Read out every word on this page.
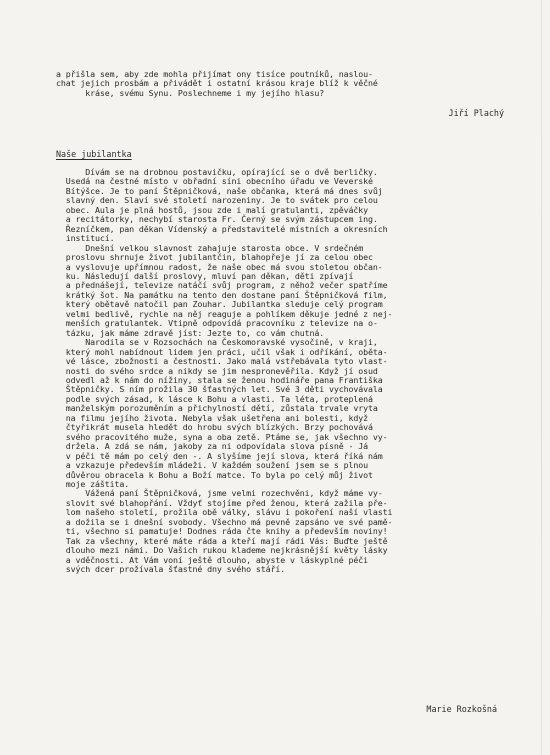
a přišla sem, aby zde mohla přijímat ony tisíce poutníků, naslou-
chat jejich prosbám a přivádět i ostatní krásou kraje blíž k věčné
kráse, svému Synu. Poslechneme i my jejího hlasu?
Jiří Plachý
Naše jubilantka
Dívám se na drobnou postavičku, opírající se o dvě berličky.
Usedá na čestné místo v obřadní síni obecního úřadu ve Veverské
Bítýšce. Je to paní Štěpničková, naše občanka, která má dnes svůj
slavný den. Slaví své století narozeniny. Je to svátek pro celou
obec. Aula je plná hostů, jsou zde i malí gratulanti, zpěváčky
a recitátorky, nechybí starosta Fr. Černý se svým zástupcem ing.
Řezníčkem, pan děkan Vídenský a představitelé místních a okresních
institucí.
Dnešní velkou slavnost zahajuje starosta obce. V srdečném
proslovu shrnuje život jubilantčin, blahopřeje jí za celou obec
a vyslovuje upřímnou radost, že naše obec má svou stoletou občan-
ku. Následují další proslovy, mluví pan děkan, děti zpívají
a přednášejí, televize natáčí svůj program, z něhož večer spatříme
krátký šot. Na památku na tento den dostane paní Štěpničková film,
který obětavě natočil pan Zouhar. Jubilantka sleduje celý program
velmi bedlivě, rychle na něj reaguje a pohlíkem děkuje jedné z nej-
menších gratulantek. Vtipně odpovídá pracovníku z televize na o-
tázku, jak máme zdravě jíst: Jezte to, co vám chutná.
Narodila se v Rozsochách na Českomoravské vysočině, v kraji,
který mohl nabídnout lidem jen práci, učil však i odříkání, oběta-
vé lásce, zbožnosti a čestnosti. Jako malá vstřebávala tyto vlast-
nosti do svého srdce a nikdy se jim nespronevěřila. Když jí osud
odvedl až k nám do nížiny, stala se ženou hodináře pana Františka
Štěpničky. S ním prožila 30 šťastných let. Své 3 děti vychovávala
podle svých zásad, k lásce k Bohu a vlasti. Ta léta, proteplená
manželským porozuměním a přichylností dětí, zůstala trvale vryta
na filmu jejího života. Nebyla však ušetřena ani bolesti, když
čtyřikrát musela hledět do hrobu svých blízkých. Brzy pochovává
svého pracovitého muže, syna a oba zetě. Ptáme se, jak všechno vy-
držela. A zdá se nám, jakoby za ni odpovídala slova písně - Já
v péči tě mám po celý den -. A slyšíme její slova, která říká nám
a vzkazuje především mládeži. V každém soužení jsem se s plnou
důvěrou obracela k Bohu a Boží matce. To byla po celý můj život
moje záštita.
Vážená paní Štěpničková, jsme velmi rozechvěni, když máme vy-
slovit své blahopřání. Vždyť stojíme před ženou, která zažila pře-
lom našeho století, prožila obě války, slávu i pokoření naší vlasti
a dožila se i dnešní svobody. Všechno má pevně zapsáno ve své pamě-
ti, všechno si pamatuje! Dodnes ráda čte knihy a především noviny!
Tak za všechny, které máte ráda a kteří mají rádi Vás: Buďte ještě
dlouho mezi námi. Do Vašich rukou klademe nejkrásnější květy lásky
a vděčnosti. At Vám voní ještě dlouho, abyste v láskyplné péči
svých dcer prožívala šťastné dny svého stáří.
Marie Rozkošná
